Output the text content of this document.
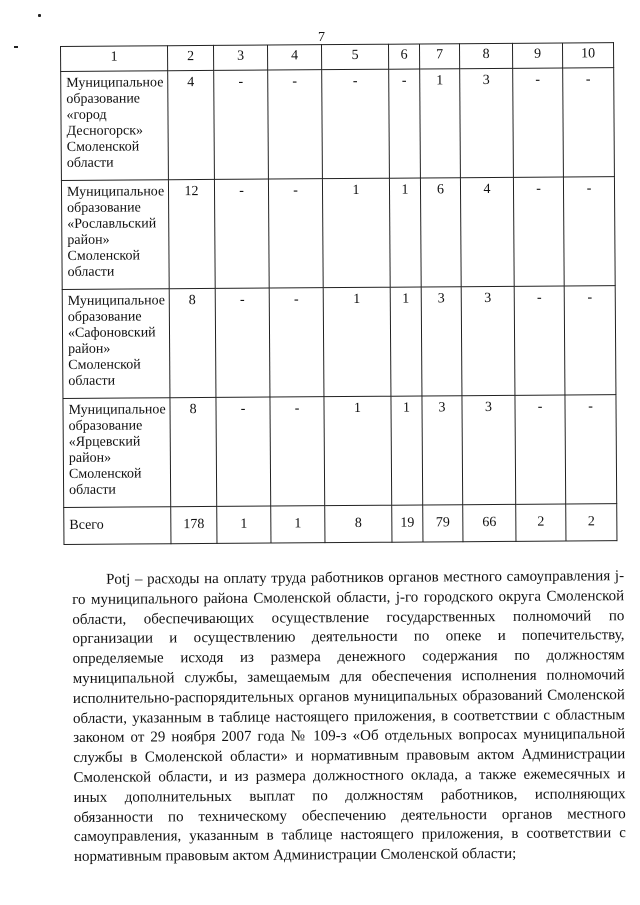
7
1	2	3	4	5	6	7	8	9	10
Муниципальное образование «город Десногорск» Смоленской области	4	-	-	-	-	1	3	-	-
Муниципальное образование «Рославльский район» Смоленской области	12	-	-	1	1	6	4	-	-
Муниципальное образование «Сафоновский район» Смоленской области	8	-	-	1	1	3	3	-	-
Муниципальное образование «Ярцевский район» Смоленской области	8	-	-	1	1	3	3	-	-
Всего	178	1	1	8	19	79	66	2	2
Potj – расходы на оплату труда работников органов местного самоуправления j-го муниципального района Смоленской области, j-го городского округа Смоленской области, обеспечивающих осуществление государственных полномочий по организации и осуществлению деятельности по опеке и попечительству, определяемые исходя из размера денежного содержания по должностям муниципальной службы, замещаемым для обеспечения исполнения полномочий исполнительно-распорядительных органов муниципальных образований Смоленской области, указанным в таблице настоящего приложения, в соответствии с областным законом от 29 ноября 2007 года № 109-з «Об отдельных вопросах муниципальной службы в Смоленской области» и нормативным правовым актом Администрации Смоленской области, и из размера должностного оклада, а также ежемесячных и иных дополнительных выплат по должностям работников, исполняющих обязанности по техническому обеспечению деятельности органов местного самоуправления, указанным в таблице настоящего приложения, в соответствии с нормативным правовым актом Администрации Смоленской области;
